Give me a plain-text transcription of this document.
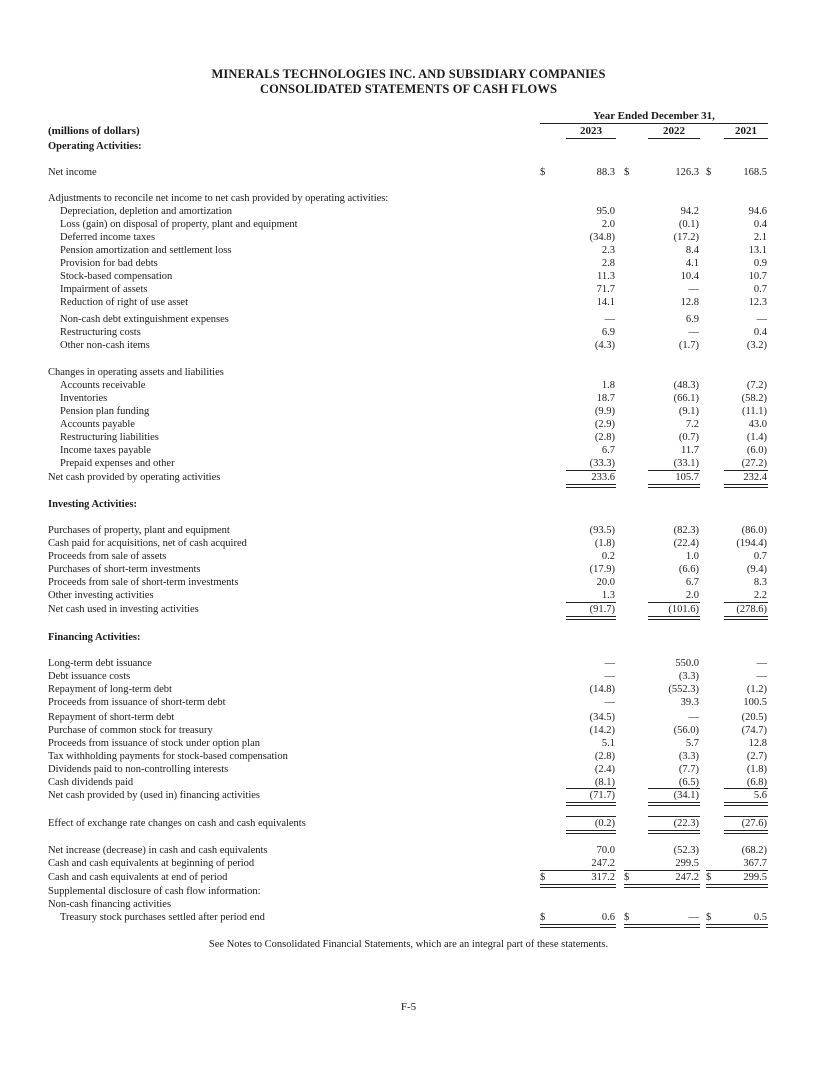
MINERALS TECHNOLOGIES INC. AND SUBSIDIARY COMPANIES
CONSOLIDATED STATEMENTS OF CASH FLOWS
Year Ended December 31,
(millions of dollars)	2023	2022	2021
Operating Activities:
Net income	$	88.3 $	126.3 $	168.5
Adjustments to reconcile net income to net cash provided by operating activities:
Depreciation, depletion and amortization	95.0	94.2	94.6
Loss (gain) on disposal of property, plant and equipment	2.0	(0.1)	0.4
Deferred income taxes	(34.8)	(17.2)	2.1
Pension amortization and settlement loss	2.3	8.4	13.1
Provision for bad debts	2.8	4.1	0.9
Stock-based compensation	11.3	10.4	10.7
Impairment of assets	71.7	—	0.7
Reduction of right of use asset	14.1	12.8	12.3
Non-cash debt extinguishment expenses	—	6.9	—
Restructuring costs	6.9	—	0.4
Other non-cash items	(4.3)	(1.7)	(3.2)
Changes in operating assets and liabilities
Accounts receivable	1.8	(48.3)	(7.2)
Inventories	18.7	(66.1)	(58.2)
Pension plan funding	(9.9)	(9.1)	(11.1)
Accounts payable	(2.9)	7.2	43.0
Restructuring liabilities	(2.8)	(0.7)	(1.4)
Income taxes payable	6.7	11.7	(6.0)
Prepaid expenses and other	(33.3)	(33.1)	(27.2)
Net cash provided by operating activities	233.6	105.7	232.4
Investing Activities:
Purchases of property, plant and equipment	(93.5)	(82.3)	(86.0)
Cash paid for acquisitions, net of cash acquired	(1.8)	(22.4)	(194.4)
Proceeds from sale of assets	0.2	1.0	0.7
Purchases of short-term investments	(17.9)	(6.6)	(9.4)
Proceeds from sale of short-term investments	20.0	6.7	8.3
Other investing activities	1.3	2.0	2.2
Net cash used in investing activities	(91.7)	(101.6)	(278.6)
Financing Activities:
Long-term debt issuance	—	550.0	—
Debt issuance costs	—	(3.3)	—
Repayment of long-term debt	(14.8)	(552.3)	(1.2)
Proceeds from issuance of short-term debt	—	39.3	100.5
Repayment of short-term debt	(34.5)	—	(20.5)
Purchase of common stock for treasury	(14.2)	(56.0)	(74.7)
Proceeds from issuance of stock under option plan	5.1	5.7	12.8
Tax withholding payments for stock-based compensation	(2.8)	(3.3)	(2.7)
Dividends paid to non-controlling interests	(2.4)	(7.7)	(1.8)
Cash dividends paid	(8.1)	(6.5)	(6.8)
Net cash provided by (used in) financing activities	(71.7)	(34.1)	5.6
Effect of exchange rate changes on cash and cash equivalents	(0.2)	(22.3)	(27.6)
Net increase (decrease) in cash and cash equivalents	70.0	(52.3)	(68.2)
Cash and cash equivalents at beginning of period	247.2	299.5	367.7
Cash and cash equivalents at end of period	$	317.2 $	247.2 $	299.5
Supplemental disclosure of cash flow information:
Non-cash financing activities
Treasury stock purchases settled after period end	$	0.6 $	— $	0.5
See Notes to Consolidated Financial Statements, which are an integral part of these statements.
F-5
